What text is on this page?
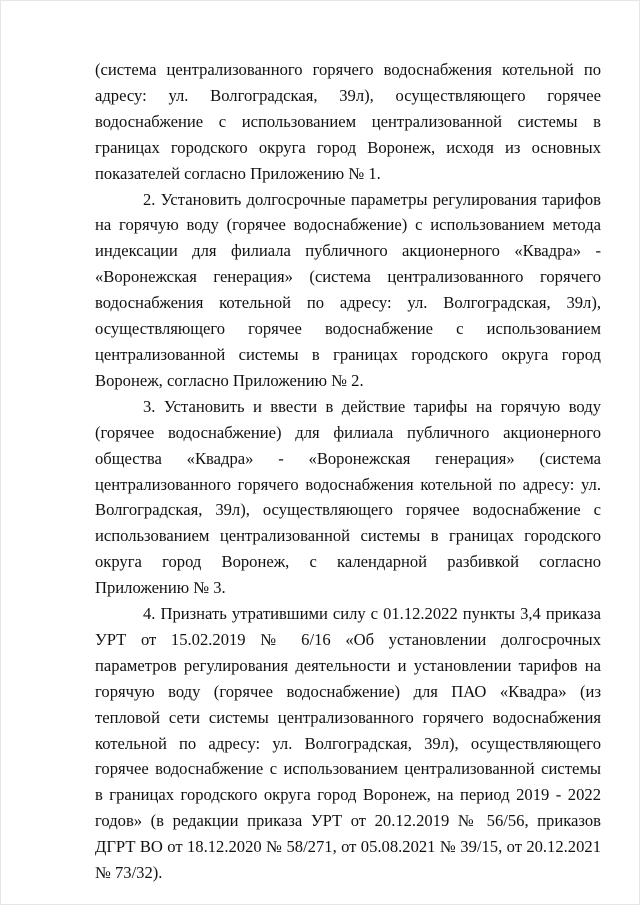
(система централизованного горячего водоснабжения котельной по адресу: ул. Волгоградская, 39л), осуществляющего горячее водоснабжение с использованием централизованной системы в границах городского округа город Воронеж, исходя из основных показателей согласно Приложению № 1.

2. Установить долгосрочные параметры регулирования тарифов на горячую воду (горячее водоснабжение) с использованием метода индексации для филиала публичного акционерного «Квадра» - «Воронежская генерация» (система централизованного горячего водоснабжения котельной по адресу: ул. Волгоградская, 39л), осуществляющего горячее водоснабжение с использованием централизованной системы в границах городского округа город Воронеж, согласно Приложению № 2.

3. Установить и ввести в действие тарифы на горячую воду (горячее водоснабжение) для филиала публичного акционерного общества «Квадра» - «Воронежская генерация» (система централизованного горячего водоснабжения котельной по адресу: ул. Волгоградская, 39л), осуществляющего горячее водоснабжение с использованием централизованной системы в границах городского округа город Воронеж, с календарной разбивкой согласно Приложению № 3.

4. Признать утратившими силу с 01.12.2022 пункты 3,4 приказа УРТ от 15.02.2019 № 6/16 «Об установлении долгосрочных параметров регулирования деятельности и установлении тарифов на горячую воду (горячее водоснабжение) для ПАО «Квадра» (из тепловой сети системы централизованного горячего водоснабжения котельной по адресу: ул. Волгоградская, 39л), осуществляющего горячее водоснабжение с использованием централизованной системы в границах городского округа город Воронеж, на период 2019 - 2022 годов» (в редакции приказа УРТ от 20.12.2019 № 56/56, приказов ДГРТ ВО от 18.12.2020 № 58/271, от 05.08.2021 № 39/15, от 20.12.2021 № 73/32).
